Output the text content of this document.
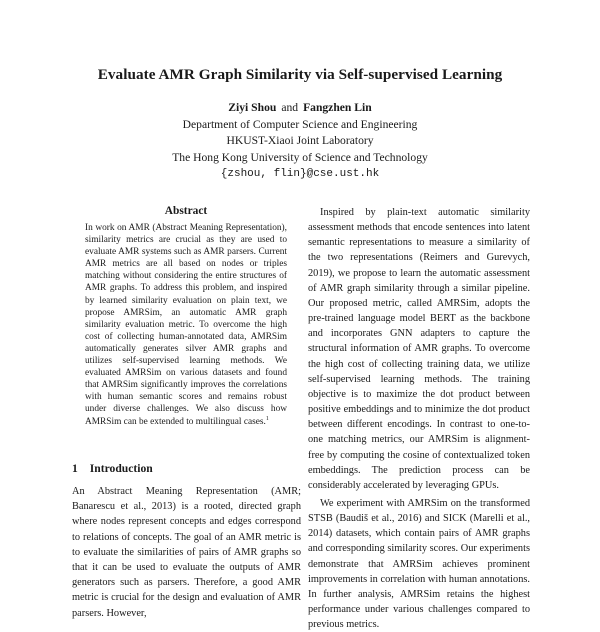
Evaluate AMR Graph Similarity via Self-supervised Learning
Ziyi Shou and Fangzhen Lin
Department of Computer Science and Engineering
HKUST-Xiaoi Joint Laboratory
The Hong Kong University of Science and Technology
{zshou, flin}@cse.ust.hk
Abstract
In work on AMR (Abstract Meaning Representation), similarity metrics are crucial as they are used to evaluate AMR systems such as AMR parsers. Current AMR metrics are all based on nodes or triples matching without considering the entire structures of AMR graphs. To address this problem, and inspired by learned similarity evaluation on plain text, we propose AMRSim, an automatic AMR graph similarity evaluation metric. To overcome the high cost of collecting human-annotated data, AMRSim automatically generates silver AMR graphs and utilizes self-supervised learning methods. We evaluated AMRSim on various datasets and found that AMRSim significantly improves the correlations with human semantic scores and remains robust under diverse challenges. We also discuss how AMRSim can be extended to multilingual cases.$^1$
1 Introduction
An Abstract Meaning Representation (AMR; Banarescu et al., 2013) is a rooted, directed graph where nodes represent concepts and edges correspond to relations of concepts. The goal of an AMR metric is to evaluate the similarities of pairs of AMR graphs so that it can be used to evaluate the outputs of AMR generators such as parsers. Therefore, a good AMR metric is crucial for the design and evaluation of AMR parsers. However,

Inspired by plain-text automatic similarity assessment methods that encode sentences into latent semantic representations to measure a similarity of the two representations (Reimers and Gurevych, 2019), we propose to learn the automatic assessment of AMR graph similarity through a similar pipeline. Our proposed metric, called AMRSim, adopts the pre-trained language model BERT as the backbone and incorporates GNN adapters to capture the structural information of AMR graphs. To overcome the high cost of collecting training data, we utilize self-supervised learning methods. The training objective is to maximize the dot product between positive embeddings and to minimize the dot product between different encodings. In contrast to one-to-one matching metrics, our AMRSim is alignment-free by computing the cosine of contextualized token embeddings. The prediction process can be considerably accelerated by leveraging GPUs.

We experiment with AMRSim on the transformed STSB (Baudiš et al., 2016) and SICK (Marelli et al., 2014) datasets, which contain pairs of AMR graphs and corresponding similarity scores. Our experiments demonstrate that AMRSim achieves prominent improvements in correlation with human annotations. In further analysis, AMRSim retains the highest performance under various challenges compared to previous metrics.
